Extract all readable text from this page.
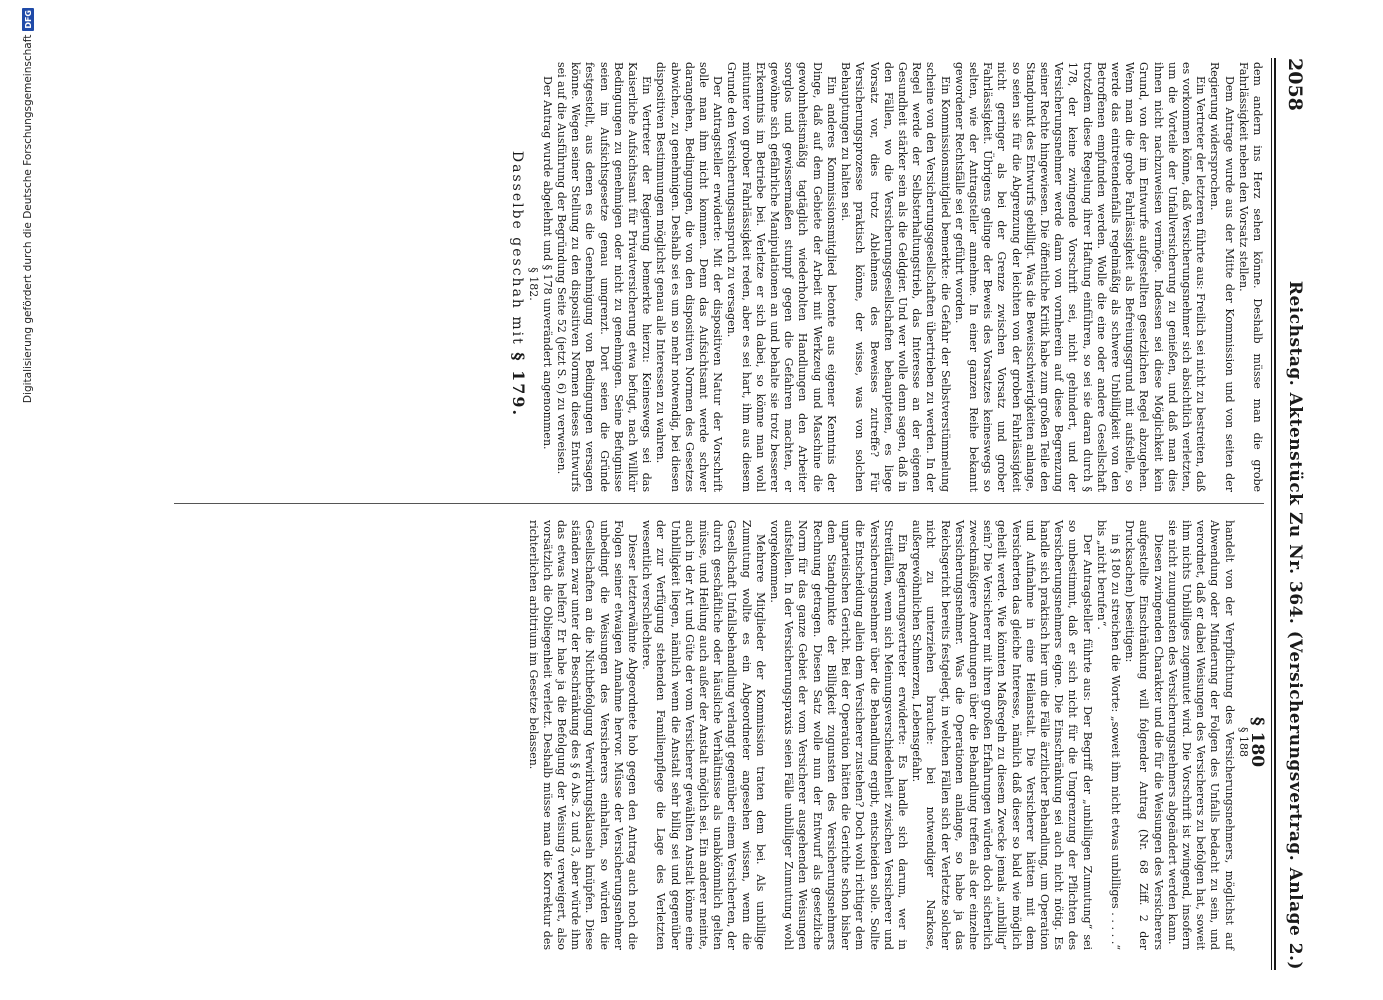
2058
Reichstag. Aktenstück Zu Nr. 364. (Versicherungsvertrag. Anlage 2.)

dem andern ins Herz sehen könne. Deshalb müsse man die grobe Fahrlässigkeit neben den Vorsatz stellen.

Dem Antrage wurde aus der Mitte der Kommission und von seiten der Regierung widersprochen.

Ein Vertreter der letzteren führte aus: Freilich sei nicht zu bestreiten, daß es vorkommen könne, daß Versicherungsnehmer sich absichtlich verletzten, um die Vorteile der Unfallversicherung zu genießen, und daß man dies ihnen nicht nachzuweisen vermöge. Indessen sei diese Möglichkeit kein Grund, von der im Entwurfe aufgestellten gesetzlichen Regel abzugehen. Wenn man die grobe Fahrlässigkeit als Befreiungsgrund mit aufstelle, so werde das eintretendenfalls regelmäßig als schwere Unbilligkeit von den Betroffenen empfunden werden. Wolle die eine oder andere Gesellschaft trotzdem diese Regelung ihrer Haftung einführen, so sei sie daran durch § 178, der keine zwingende Vorschrift sei, nicht gehindert, und der Versicherungsnehmer werde dann von vornherein auf diese Begrenzung seiner Rechte hingewiesen. Die öffentliche Kritik habe zum großen Teile den Standpunkt des Entwurfs gebilligt. Was die Beweisschwierigkeiten anlange, so seien sie für die Abgrenzung der leichten von der groben Fahrlässigkeit nicht geringer als bei der Grenze zwischen Vorsatz und grober Fahrlässigkeit. Übrigens gelinge der Beweis des Vorsatzes keineswegs so selten, wie der Antragsteller annehme. In einer ganzen Reihe bekannt gewordener Rechtsfälle sei er geführt worden.

Ein Kommissionsmitglied bemerkte: die Gefahr der Selbstverstümmelung scheine von den Versicherungsgesellschaften übertrieben zu werden. In der Regel werde der Selbsterhaltungstrieb, das Interesse an der eigenen Gesundheit stärker sein als die Geldgier. Und wer wolle denn sagen, daß in den Fällen, wo die Versicherungsgesellschaften behaupteten, es liege Vorsatz vor, dies trotz Ablehnens des Beweises zutreffe? Für Versicherungsprozesse praktisch könne, der wisse, was von solchen Behauptungen zu halten sei.

Ein anderes Kommissionsmitglied betonte aus eigener Kenntnis der Dinge, daß auf dem Gebiete der Arbeit mit Werkzeug und Maschine die gewohnheitsmäßig tagtäglich wiederholten Handlungen den Arbeiter sorglos und gewissermaßen stumpf gegen die Gefahren machten, er gewöhne sich gefährliche Manipulationen an und behalte sie trotz besserer Erkenntnis im Betriebe bei. Verletze er sich dabei, so könne man wohl mitunter von grober Fahrlässigkeit reden, aber es sei hart, ihm aus diesem Grunde den Versicherungsanspruch zu versagen.

Der Antragsteller erwiderte: Mit der dispositiven Natur der Vorschrift solle man ihm nicht kommen. Denn das Aufsichtsamt werde schwer darangehen, Bedingungen, die von den dispositiven Normen des Gesetzes abwichen, zu genehmigen. Deshalb sei es um so mehr notwendig, bei diesen dispositiven Bestimmungen möglichst genau alle Interessen zu wahren.

Ein Vertreter der Regierung bemerkte hierzu: Keineswegs sei das Kaiserliche Aufsichtsamt für Privatversicherung etwa befugt, nach Willkür Bedingungen zu genehmigen oder nicht zu genehmigen. Seine Befugnisse seien im Aufsichtsgesetze genau umgrenzt. Dort seien die Gründe festgestellt, aus denen es die Genehmigung von Bedingungen versagen könne. Wegen seiner Stellung zu den dispositiven Normen dieses Entwurfs sei auf die Ausführung der Begründung Seite 52 (jetzt S. 6) zu verweisen.

Der Antrag wurde abgelehnt und § 178 unverändert angenommen.

§ 182.

Dasselbe geschah mit § 179.

§ 180

§ 188

handelt von der Verpflichtung des Versicherungsnehmers, möglichst auf Abwendung oder Minderung der Folgen des Unfalls bedacht zu sein, und verordnet, daß er dabei Weisungen des Versicherers zu befolgen hat, soweit ihm nichts Unbilliges zugemutet wird. Die Vorschrift ist zwingend, insofern sie nicht zuungunsten des Versicherungsnehmers abgeändert werden kann.

Diesen zwingenden Charakter und die für die Weisungen des Versicherers aufgestellte Einschränkung will folgender Antrag (Nr. 68 Ziff. 2 der Drucksachen) beseitigen:

in § 180 zu streichen die Worte: „soweit ihm nicht etwas unbilliges . . . . .“ bis „nicht berufen“.

Der Antragsteller führte aus: Der Begriff der „unbilligen Zumutung“ sei so unbestimmt, daß er sich nicht für die Umgrenzung der Pflichten des Versicherungsnehmers eigne. Die Einschränkung sei auch nicht nötig. Es handle sich praktisch hier um die Fälle ärztlicher Behandlung, um Operation und Aufnahme in eine Heilanstalt. Die Versicherer hätten mit dem Versicherten das gleiche Interesse, nämlich daß dieser so bald wie möglich geheilt werde. Wie könnten Maßregeln zu diesem Zwecke jemals „unbillig“ sein? Die Versicherer mit ihren großen Erfahrungen würden doch sicherlich zweckmäßigere Anordnungen über die Behandlung treffen als der einzelne Versicherungsnehmer. Was die Operationen anlange, so habe ja das Reichsgericht bereits festgelegt, in welchen Fällen sich der Verletzte solcher nicht zu unterziehen brauche: bei notwendiger Narkose, außergewöhnlichen Schmerzen, Lebensgefahr.

Ein Regierungsvertreter erwiderte: Es handle sich darum, wer in Streitfällen, wenn sich Meinungsverschiedenheit zwischen Versicherer und Versicherungsnehmer über die Behandlung ergibt, entscheiden solle. Sollte die Entscheidung allein dem Versicherer zustehen? Doch wohl richtiger dem unparteiischen Gericht. Bei der Operation hätten die Gerichte schon bisher dem Standpunkte der Billigkeit zugunsten des Versicherungsnehmers Rechnung getragen. Diesen Satz wolle nun der Entwurf als gesetzliche Norm für das ganze Gebiet der vom Versicherer ausgehenden Weisungen aufstellen. In der Versicherungspraxis seien Fälle unbilliger Zumutung wohl vorgekommen.

Mehrere Mitglieder der Kommission traten dem bei. Als unbillige Zumutung wollte es ein Abgeordneter angesehen wissen, wenn die Gesellschaft Unfallsbehandlung verlangt gegenüber einem Versicherten, der durch geschäftliche oder häusliche Verhältnisse als unabkömmlich gelten müsse, und Heilung auch außer der Anstalt möglich sei. Ein anderer meinte, auch in der Art und Güte der vom Versicherer gewählten Anstalt könne eine Unbilligkeit liegen, nämlich wenn die Anstalt sehr billig sei und gegenüber der zur Verfügung stehenden Familienpflege die Lage des Verletzten wesentlich verschlechtere.

Dieser letzterwähnte Abgeordnete hob gegen den Antrag auch noch die Folgen seiner etwaigen Annahme hervor. Müsse der Versicherungsnehmer unbedingt die Weisungen des Versicherers einhalten, so würden die Gesellschaften an die Nichtbefolgung Verwirkungsklauseln knüpfen. Diese ständen zwar unter der Beschränkung des § 6 Abs. 2 und 3, aber würde ihm das etwas helfen? Er habe ja die Befolgung der Weisung verweigert, also vorsätzlich die Obliegenheit verletzt. Deshalb müsse man die Korrektur des richterlichen arbitrium im Gesetze belassen.

Digitalisierung gefördert durch die Deutsche Forschungsgemeinschaft
DFG
